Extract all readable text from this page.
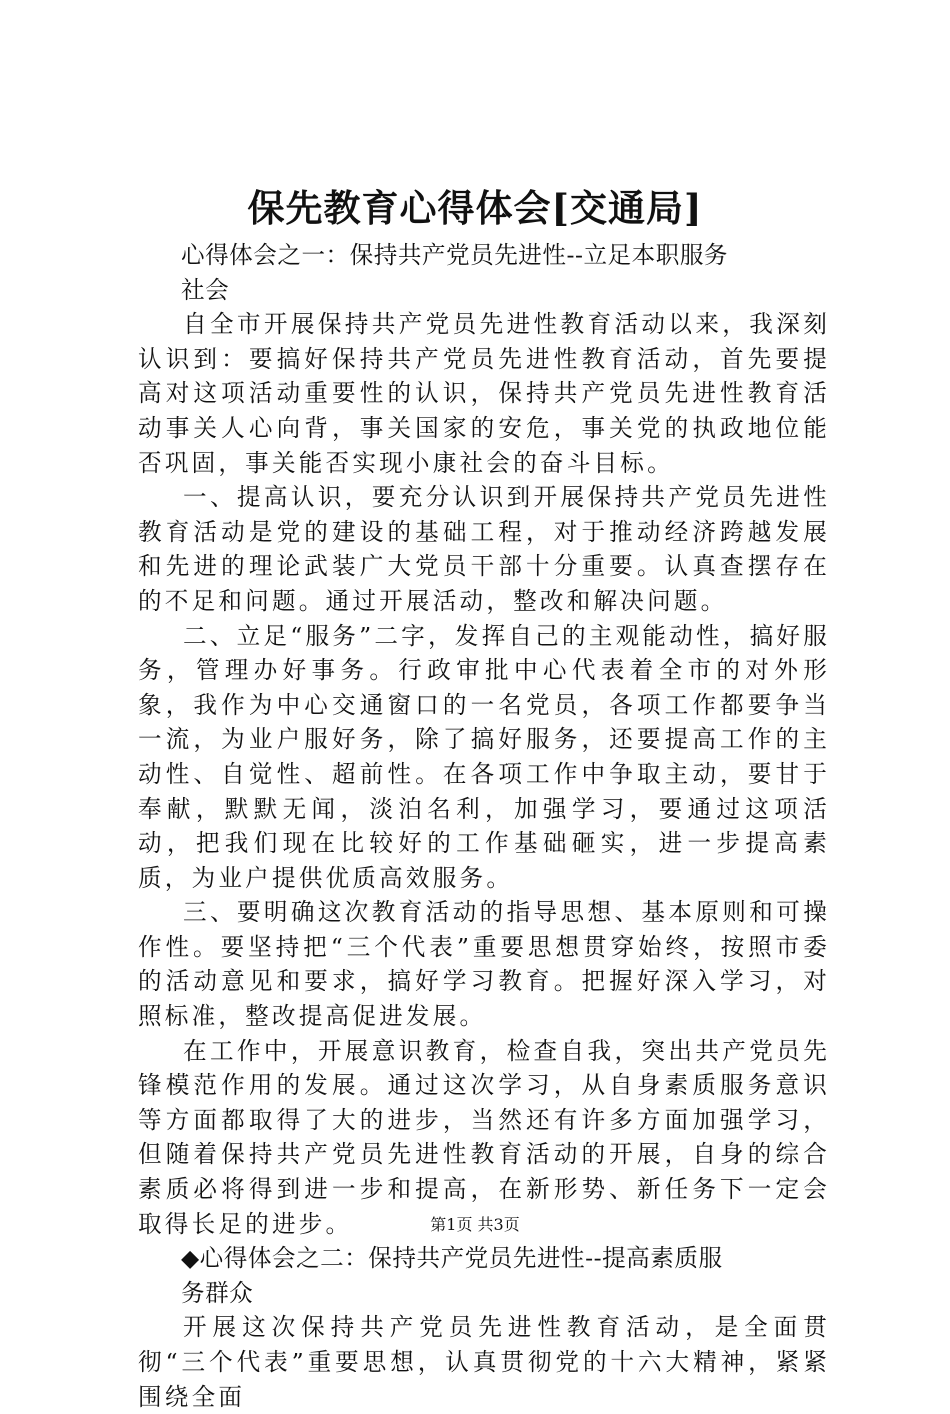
保先教育心得体会[交通局]

心得体会之一：保持共产党员先进性--立足本职服务社会

自全市开展保持共产党员先进性教育活动以来，我深刻认识到：要搞好保持共产党员先进性教育活动，首先要提高对这项活动重要性的认识，保持共产党员先进性教育活动事关人心向背，事关国家的安危，事关党的执政地位能否巩固，事关能否实现小康社会的奋斗目标。

一、提高认识，要充分认识到开展保持共产党员先进性教育活动是党的建设的基础工程，对于推动经济跨越发展和先进的理论武装广大党员干部十分重要。认真查摆存在的不足和问题。通过开展活动，整改和解决问题。

二、立足“服务”二字，发挥自己的主观能动性，搞好服务，管理办好事务。行政审批中心代表着全市的对外形象，我作为中心交通窗口的一名党员，各项工作都要争当一流，为业户服好务，除了搞好服务，还要提高工作的主动性、自觉性、超前性。在各项工作中争取主动，要甘于奉献，默默无闻，淡泊名利，加强学习，要通过这项活动，把我们现在比较好的工作基础砸实，进一步提高素质，为业户提供优质高效服务。

三、要明确这次教育活动的指导思想、基本原则和可操作性。要坚持把“三个代表”重要思想贯穿始终，按照市委的活动意见和要求，搞好学习教育。把握好深入学习，对照标准，整改提高促进发展。

在工作中，开展意识教育，检查自我，突出共产党员先锋模范作用的发展。通过这次学习，从自身素质服务意识等方面都取得了大的进步，当然还有许多方面加强学习，但随着保持共产党员先进性教育活动的开展，自身的综合素质必将得到进一步和提高，在新形势、新任务下一定会取得长足的进步。

◆心得体会之二：保持共产党员先进性--提高素质服务群众

开展这次保持共产党员先进性教育活动，是全面贯彻“三个代表”重要思想，认真贯彻党的十六大精神，紧紧围绕全面

第1页 共3页
